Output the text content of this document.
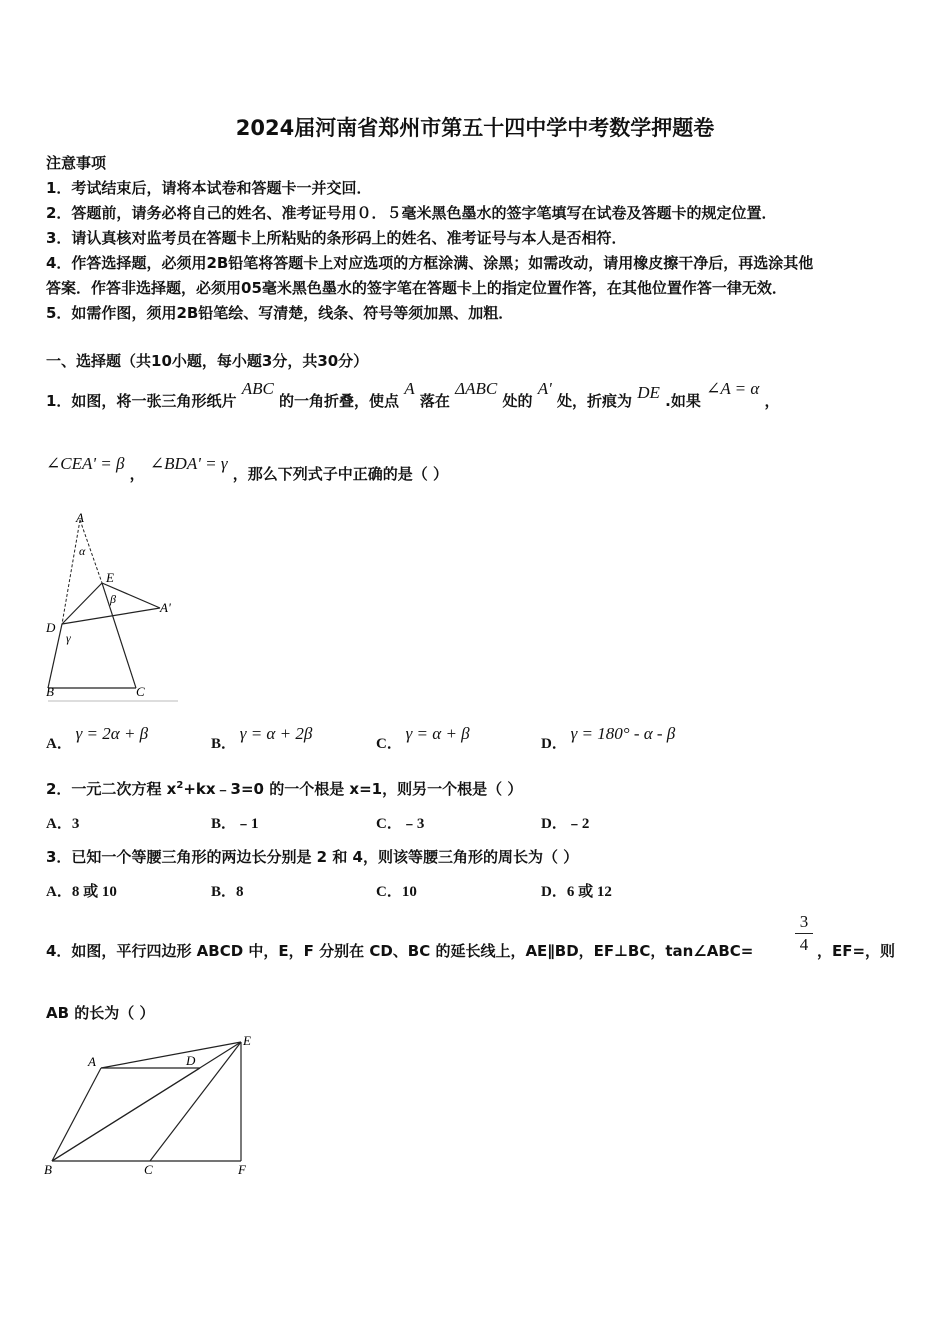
2024届河南省郑州市第五十四中学中考数学押题卷
注意事项
1．考试结束后，请将本试卷和答题卡一并交回．
2．答题前，请务必将自己的姓名、准考证号用０．５毫米黑色墨水的签字笔填写在试卷及答题卡的规定位置．
3．请认真核对监考员在答题卡上所粘贴的条形码上的姓名、准考证号与本人是否相符．
4．作答选择题，必须用2B铅笔将答题卡上对应选项的方框涂满、涂黑；如需改动，请用橡皮擦干净后，再选涂其他
答案．作答非选择题，必须用05毫米黑色墨水的签字笔在答题卡上的指定位置作答，在其他位置作答一律无效．
5．如需作图，须用2B铅笔绘、写清楚，线条、符号等须加黑、加粗．
一、选择题（共10小题，每小题3分，共30分）
1．如图，将一张三角形纸片 ABC 的一角折叠，使点 A 落在 ΔABC 处的 A' 处，折痕为 DE .如果 ∠A = α ，
∠CEA' = β ， ∠BDA' = γ ，那么下列式子中正确的是（ ）
A
α
E
β
A'
D
γ
B	C
A． γ = 2α + β
B． γ = α + 2β
C． γ = α + β
D． γ = 180° - α - β
2．一元二次方程 $x^2+kx﹣3=0$ 的一个根是 x=1，则另一个根是（ ）
A．3	B．﹣1	C．﹣3	D．﹣2
3．已知一个等腰三角形的两边长分别是 2 和 4，则该等腰三角形的周长为（ ）
A．8 或 10	B．8	C．10	D．6 或 12
4．如图，平行四边形 ABCD 中，E，F 分别在 CD、BC 的延长线上，AE∥BD，EF⊥BC，tan∠ABC=
3
4 ，EF=，则
AB 的长为（ ）
E
A	D
B	C	F
